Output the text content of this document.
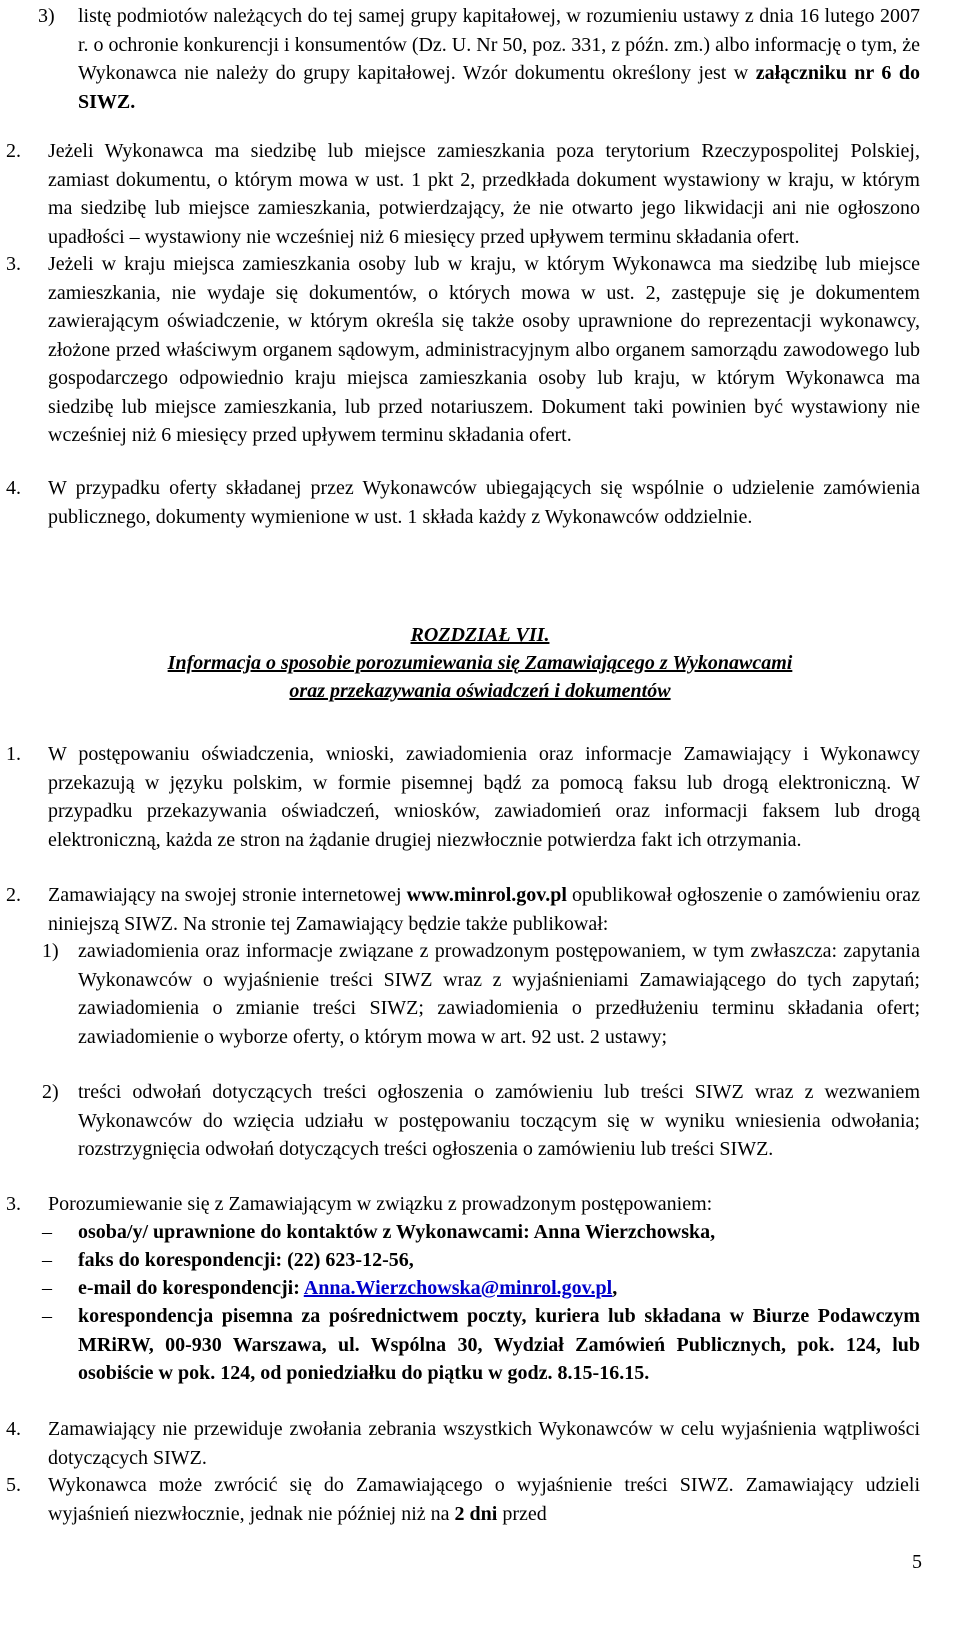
3) listę podmiotów należących do tej samej grupy kapitałowej, w rozumieniu ustawy z dnia 16 lutego 2007 r. o ochronie konkurencji i konsumentów (Dz. U. Nr 50, poz. 331, z późn. zm.) albo informację o tym, że Wykonawca nie należy do grupy kapitałowej. Wzór dokumentu określony jest w załączniku nr 6 do SIWZ.
2. Jeżeli Wykonawca ma siedzibę lub miejsce zamieszkania poza terytorium Rzeczypospolitej Polskiej, zamiast dokumentu, o którym mowa w ust. 1 pkt 2, przedkłada dokument wystawiony w kraju, w którym ma siedzibę lub miejsce zamieszkania, potwierdzający, że nie otwarto jego likwidacji ani nie ogłoszono upadłości – wystawiony nie wcześniej niż 6 miesięcy przed upływem terminu składania ofert.
3. Jeżeli w kraju miejsca zamieszkania osoby lub w kraju, w którym Wykonawca ma siedzibę lub miejsce zamieszkania, nie wydaje się dokumentów, o których mowa w ust. 2, zastępuje się je dokumentem zawierającym oświadczenie, w którym określa się także osoby uprawnione do reprezentacji wykonawcy, złożone przed właściwym organem sądowym, administracyjnym albo organem samorządu zawodowego lub gospodarczego odpowiednio kraju miejsca zamieszkania osoby lub kraju, w którym Wykonawca ma siedzibę lub miejsce zamieszkania, lub przed notariuszem. Dokument taki powinien być wystawiony nie wcześniej niż 6 miesięcy przed upływem terminu składania ofert.
4. W przypadku oferty składanej przez Wykonawców ubiegających się wspólnie o udzielenie zamówienia publicznego, dokumenty wymienione w ust. 1 składa każdy z Wykonawców oddzielnie.
ROZDZIAŁ VII.
Informacja o sposobie porozumiewania się Zamawiającego z Wykonawcami
oraz przekazywania oświadczeń i dokumentów
1. W postępowaniu oświadczenia, wnioski, zawiadomienia oraz informacje Zamawiający i Wykonawcy przekazują w języku polskim, w formie pisemnej bądź za pomocą faksu lub drogą elektroniczną. W przypadku przekazywania oświadczeń, wniosków, zawiadomień oraz informacji faksem lub drogą elektroniczną, każda ze stron na żądanie drugiej niezwłocznie potwierdza fakt ich otrzymania.
2. Zamawiający na swojej stronie internetowej www.minrol.gov.pl opublikował ogłoszenie o zamówieniu oraz niniejszą SIWZ. Na stronie tej Zamawiający będzie także publikował:
1) zawiadomienia oraz informacje związane z prowadzonym postępowaniem, w tym zwłaszcza: zapytania Wykonawców o wyjaśnienie treści SIWZ wraz z wyjaśnieniami Zamawiającego do tych zapytań; zawiadomienia o zmianie treści SIWZ; zawiadomienia o przedłużeniu terminu składania ofert; zawiadomienie o wyborze oferty, o którym mowa w art. 92 ust. 2 ustawy;
2) treści odwołań dotyczących treści ogłoszenia o zamówieniu lub treści SIWZ wraz z wezwaniem Wykonawców do wzięcia udziału w postępowaniu toczącym się w wyniku wniesienia odwołania; rozstrzygnięcia odwołań dotyczących treści ogłoszenia o zamówieniu lub treści SIWZ.
3. Porozumiewanie się z Zamawiającym w związku z prowadzonym postępowaniem:
– osoba/y/ uprawnione do kontaktów z Wykonawcami: Anna Wierzchowska,
– faks do korespondencji: (22) 623-12-56,
– e-mail do korespondencji: Anna.Wierzchowska@minrol.gov.pl,
– korespondencja pisemna za pośrednictwem poczty, kuriera lub składana w Biurze Podawczym MRiRW, 00-930 Warszawa, ul. Wspólna 30, Wydział Zamówień Publicznych, pok. 124, lub osobiście w pok. 124, od poniedziałku do piątku w godz. 8.15-16.15.
4. Zamawiający nie przewiduje zwołania zebrania wszystkich Wykonawców w celu wyjaśnienia wątpliwości dotyczących SIWZ.
5. Wykonawca może zwrócić się do Zamawiającego o wyjaśnienie treści SIWZ. Zamawiający udzieli wyjaśnień niezwłocznie, jednak nie później niż na 2 dni przed
5
